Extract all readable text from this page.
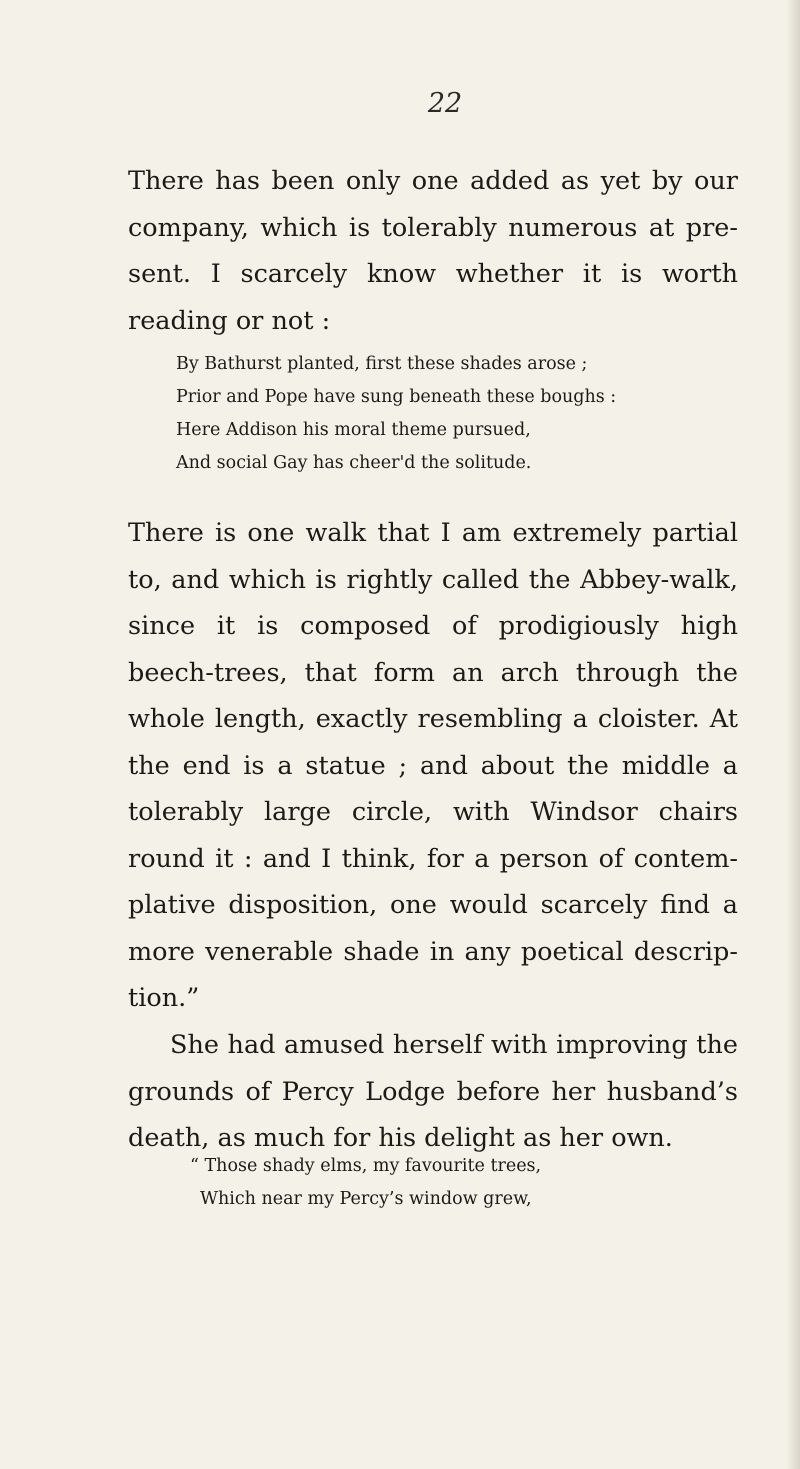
22

There has been only one added as yet by our company, which is tolerably numerous at pre-sent. I scarcely know whether it is worth reading or not :

By Bathurst planted, first these shades arose ;
Prior and Pope have sung beneath these boughs :
Here Addison his moral theme pursued,
And social Gay has cheer'd the solitude.

There is one walk that I am extremely partial to, and which is rightly called the Abbey-walk, since it is composed of prodigiously high beech-trees, that form an arch through the whole length, exactly resembling a cloister. At the end is a statue ; and about the middle a tolerably large circle, with Windsor chairs round it : and I think, for a person of contem-plative disposition, one would scarcely find a more venerable shade in any poetical descrip-tion.”

She had amused herself with improving the grounds of Percy Lodge before her husband’s death, as much for his delight as her own.

“ Those shady elms, my favourite trees,
Which near my Percy’s window grew,
